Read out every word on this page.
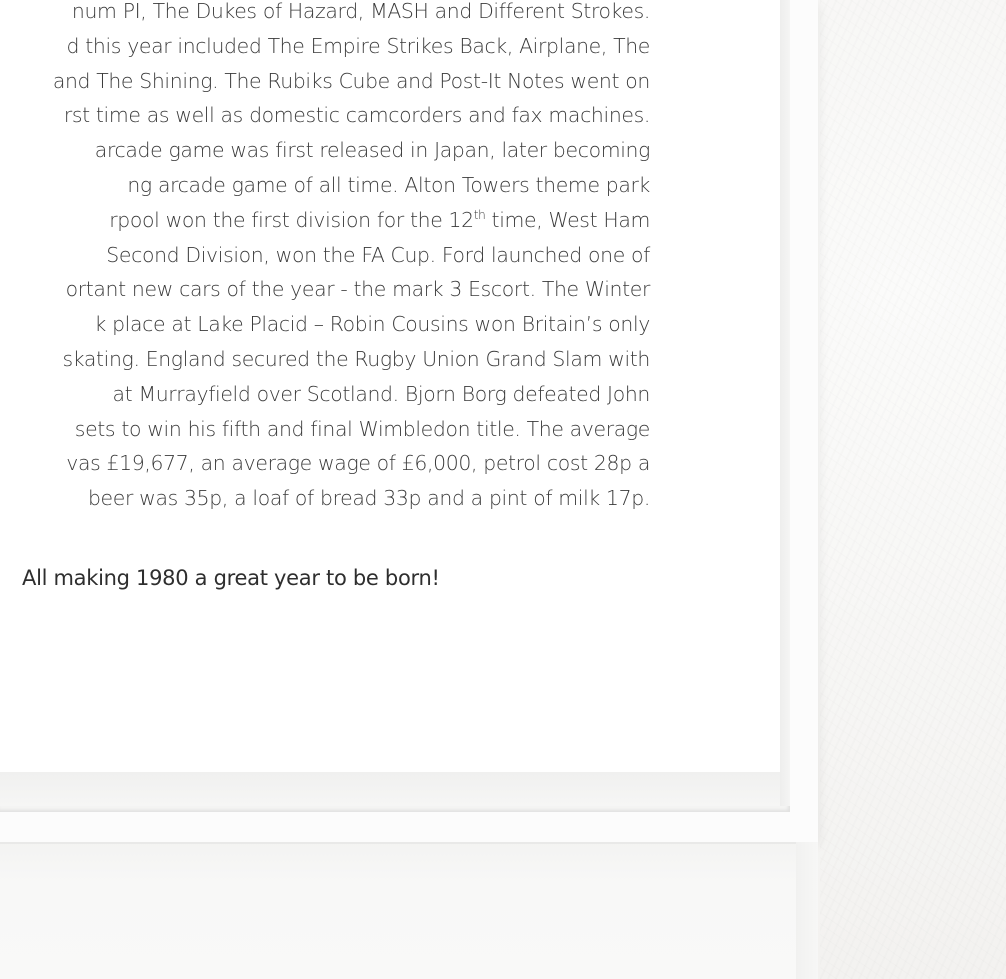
num PI, The Dukes of Hazard, MASH and Different Strokes.
d this year included The Empire Strikes Back, Airplane, The
and The Shining. The Rubiks Cube and Post-It Notes went on
rst time as well as domestic camcorders and fax machines.
arcade game was first released in Japan, later becoming
ng arcade game of all time. Alton Towers theme park
rpool won the first division for the 12th time, West Ham
Second Division, won the FA Cup. Ford launched one of
ortant new cars of the year - the mark 3 Escort. The Winter
k place at Lake Placid – Robin Cousins won Britain’s only
skating. England secured the Rugby Union Grand Slam with
at Murrayfield over Scotland. Bjorn Borg defeated John
sets to win his fifth and final Wimbledon title. The average
vas £19,677, an average wage of £6,000, petrol cost 28p a
beer was 35p, a loaf of bread 33p and a pint of milk 17p.
All making 1980 a great year to be born!
